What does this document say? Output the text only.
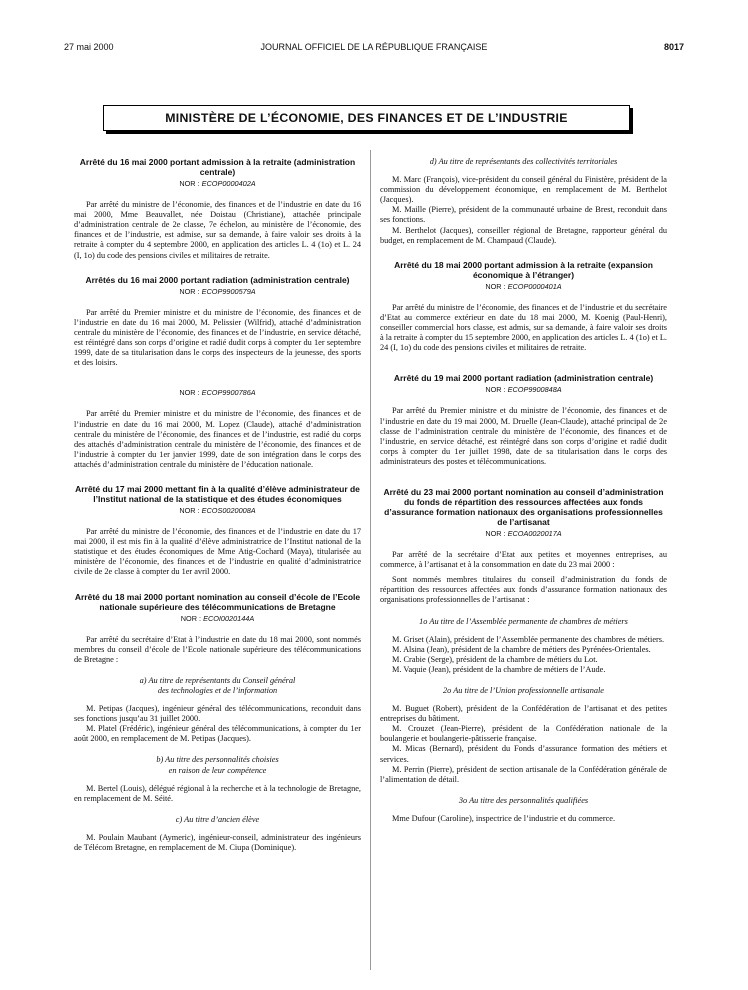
27 mai 2000	JOURNAL OFFICIEL DE LA RÉPUBLIQUE FRANÇAISE	8017
MINISTÈRE DE L’ÉCONOMIE, DES FINANCES ET DE L’INDUSTRIE
Arrêté du 16 mai 2000 portant admission à la retraite (administration centrale)
NOR : ECOP0000402A

Par arrêté du ministre de l’économie, des finances et de l’industrie en date du 16 mai 2000, Mme Beauvallet, née Doistau (Christiane), attachée principale d’administration centrale de 2e classe, 7e échelon, au ministère de l’économie, des finances et de l’industrie, est admise, sur sa demande, à faire valoir ses droits à la retraite à compter du 4 septembre 2000, en application des articles L. 4 (1o) et L. 24 (I, 1o) du code des pensions civiles et militaires de retraite.

Arrêtés du 16 mai 2000 portant radiation (administration centrale)
NOR : ECOP9900579A

Par arrêté du Premier ministre et du ministre de l’économie, des finances et de l’industrie en date du 16 mai 2000, M. Pelissier (Wilfrid), attaché d’administration centrale du ministère de l’économie, des finances et de l’industrie, en service détaché, est réintégré dans son corps d’origine et radié dudit corps à compter du 1er septembre 1999, date de sa titularisation dans le corps des inspecteurs de la jeunesse, des sports et des loisirs.

NOR : ECOP9900786A

Par arrêté du Premier ministre et du ministre de l’économie, des finances et de l’industrie en date du 16 mai 2000, M. Lopez (Claude), attaché d’administration centrale du ministère de l’économie, des finances et de l’industrie, est radié du corps des attachés d’administration centrale du ministère de l’économie, des finances et de l’industrie à compter du 1er janvier 1999, date de son intégration dans le corps des attachés d’administration centrale du ministère de l’éducation nationale.

Arrêté du 17 mai 2000 mettant fin à la qualité d’élève administrateur de l’Institut national de la statistique et des études économiques
NOR : ECOS0020008A

Par arrêté du ministre de l’économie, des finances et de l’industrie en date du 17 mai 2000, il est mis fin à la qualité d’élève administratrice de l’Institut national de la statistique et des études économiques de Mme Atig-Cochard (Maya), titularisée au ministère de l’économie, des finances et de l’industrie en qualité d’administratrice civile de 2e classe à compter du 1er avril 2000.

Arrêté du 18 mai 2000 portant nomination au conseil d’école de l’Ecole nationale supérieure des télécommunications de Bretagne
NOR : ECOI0020144A

Par arrêté du secrétaire d’Etat à l’industrie en date du 18 mai 2000, sont nommés membres du conseil d’école de l’Ecole nationale supérieure des télécommunications de Bretagne :

a) Au titre de représentants du Conseil général
des technologies et de l’information

M. Petipas (Jacques), ingénieur général des télécommunications, reconduit dans ses fonctions jusqu’au 31 juillet 2000.

M. Platel (Frédéric), ingénieur général des télécommunications, à compter du 1er août 2000, en remplacement de M. Petipas (Jacques).

b) Au titre des personnalités choisies
en raison de leur compétence

M. Bertel (Louis), délégué régional à la recherche et à la technologie de Bretagne, en remplacement de M. Séité.

c) Au titre d’ancien élève

M. Poulain Maubant (Aymeric), ingénieur-conseil, administrateur des ingénieurs de Télécom Bretagne, en remplacement de M. Ciupa (Dominique).

d) Au titre de représentants des collectivités territoriales

M. Marc (François), vice-président du conseil général du Finistère, président de la commission du développement économique, en remplacement de M. Berthelot (Jacques).

M. Maille (Pierre), président de la communauté urbaine de Brest, reconduit dans ses fonctions.

M. Berthelot (Jacques), conseiller régional de Bretagne, rapporteur général du budget, en remplacement de M. Champaud (Claude).

Arrêté du 18 mai 2000 portant admission à la retraite (expansion économique à l’étranger)
NOR : ECOP0000401A

Par arrêté du ministre de l’économie, des finances et de l’industrie et du secrétaire d’Etat au commerce extérieur en date du 18 mai 2000, M. Koenig (Paul-Henri), conseiller commercial hors classe, est admis, sur sa demande, à faire valoir ses droits à la retraite à compter du 15 septembre 2000, en application des articles L. 4 (1o) et L. 24 (I, 1o) du code des pensions civiles et militaires de retraite.

Arrêté du 19 mai 2000 portant radiation (administration centrale)
NOR : ECOP9900848A

Par arrêté du Premier ministre et du ministre de l’économie, des finances et de l’industrie en date du 19 mai 2000, M. Druelle (Jean-Claude), attaché principal de 2e classe de l’administration centrale du ministère de l’économie, des finances et de l’industrie, en service détaché, est réintégré dans son corps d’origine et radié dudit corps à compter du 1er juillet 1998, date de sa titularisation dans le corps des administrateurs des postes et télécommunications.

Arrêté du 23 mai 2000 portant nomination au conseil d’administration du fonds de répartition des ressources affectées aux fonds d’assurance formation nationaux des organisations professionnelles de l’artisanat
NOR : ECOA0020017A

Par arrêté de la secrétaire d’Etat aux petites et moyennes entreprises, au commerce, à l’artisanat et à la consommation en date du 23 mai 2000 :

Sont nommés membres titulaires du conseil d’administration du fonds de répartition des ressources affectées aux fonds d’assurance formation nationaux des organisations professionnelles de l’artisanat :

1o Au titre de l’Assemblée permanente de chambres de métiers

M. Griset (Alain), président de l’Assemblée permanente des chambres de métiers.

M. Alsina (Jean), président de la chambre de métiers des Pyrénées-Orientales.

M. Crabie (Serge), président de la chambre de métiers du Lot.

M. Vaquie (Jean), président de la chambre de métiers de l’Aude.

2o Au titre de l’Union professionnelle artisanale

M. Buguet (Robert), président de la Confédération de l’artisanat et des petites entreprises du bâtiment.

M. Crouzet (Jean-Pierre), président de la Confédération nationale de la boulangerie et boulangerie-pâtisserie française.

M. Micas (Bernard), président du Fonds d’assurance formation des métiers et services.

M. Perrin (Pierre), président de section artisanale de la Confédération générale de l’alimentation de détail.

3o Au titre des personnalités qualifiées

Mme Dufour (Caroline), inspectrice de l’industrie et du commerce.
